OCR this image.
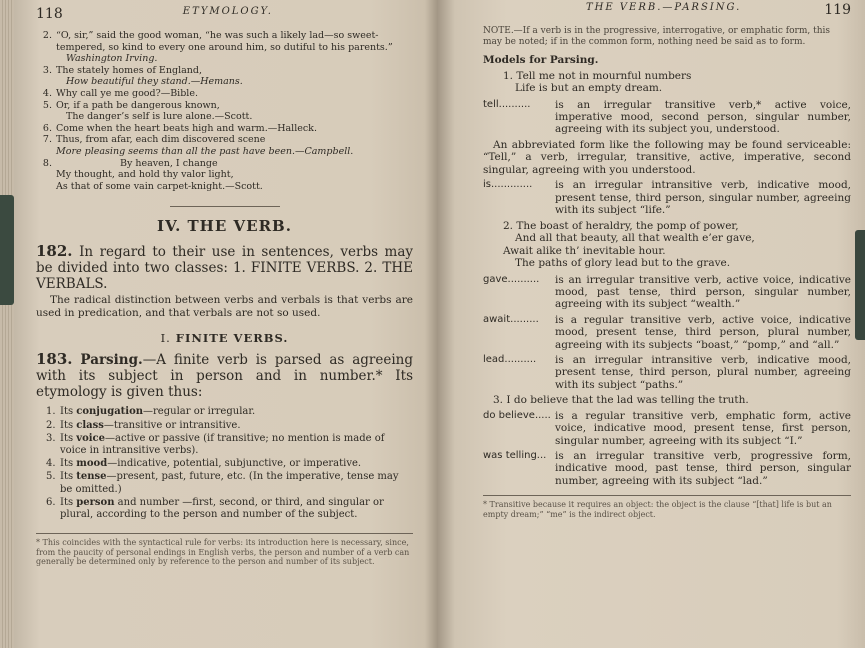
118	ETYMOLOGY.
2. “O, sir,” said the good woman, “he was such a likely lad—so sweet-tempered, so kind to every one around him, so dutiful to his parents.”
Washington Irving.
3. The stately homes of England,
How beautiful they stand.—Hemans.
4. Why call ye me good?—Bible.
5. Or, if a path be dangerous known,
The danger’s self is lure alone.—Scott.
6. Come when the heart beats high and warm.—Halleck.
7. Thus, from afar, each dim discovered scene
More pleasing seems than all the past have been.—Campbell.
8.	By heaven, I change
My thought, and hold thy valor light,
As that of some vain carpet-knight.—Scott.
IV. THE VERB.

182. In regard to their use in sentences, verbs may be divided into two classes: 1. FINITE VERBS. 2. THE VERBALS.

The radical distinction between verbs and verbals is that verbs are used in predication, and that verbals are not so used.

I. FINITE VERBS.

183. Parsing.—A finite verb is parsed as agreeing with its subject in person and in number.* Its etymology is given thus:

1. Its conjugation—regular or irregular.
2. Its class—transitive or intransitive.
3. Its voice—active or passive (if transitive; no mention is made of voice in intransitive verbs).
4. Its mood—indicative, potential, subjunctive, or imperative.
5. Its tense—present, past, future, etc. (In the imperative, tense may be omitted.)
6. Its person and number —first, second, or third, and singular or plural, according to the person and number of the subject.

* This coincides with the syntactical rule for verbs: its introduction here is necessary, since, from the paucity of personal endings in English verbs, the person and number of a verb can generally be determined only by reference to the person and number of its subject.

THE VERB.—PARSING.	119

NOTE.—If a verb is in the progressive, interrogative, or emphatic form, this may be noted; if in the common form, nothing need be said as to form.

Models for Parsing.
1. Tell me not in mournful numbers
Life is but an empty dream.
tell..........	is an irregular transitive verb,* active voice, imperative mood, second person, singular number, agreeing with its subject you, understood.

An abbreviated form like the following may be found serviceable: “Tell,” a verb, irregular, transitive, active, imperative, second singular, agreeing with you understood.

is.............	is an irregular intransitive verb, indicative mood, present tense, third person, singular number, agreeing with its subject “life.”
2. The boast of heraldry, the pomp of power,
And all that beauty, all that wealth e’er gave,
Await alike th’ inevitable hour.
The paths of glory lead but to the grave.
gave..........	is an irregular transitive verb, active voice, indicative mood, past tense, third person, singular number, agreeing with its subject “wealth.”
await.........	is a regular transitive verb, active voice, indicative mood, present tense, third person, plural number, agreeing with its subjects “boast,” “pomp,” and “all.”
lead..........	is an irregular intransitive verb, indicative mood, present tense, third person, plural number, agreeing with its subject “paths.”

3. I do believe that the lad was telling the truth.

do believe..... is a regular transitive verb, emphatic form, active voice, indicative mood, present tense, first person, singular number, agreeing with its subject “I.”
was telling... is an irregular transitive verb, progressive form, indicative mood, past tense, third person, singular number, agreeing with its subject “lad.”

* Transitive because it requires an object: the object is the clause “[that] life is but an empty dream;” “me” is the indirect object.
